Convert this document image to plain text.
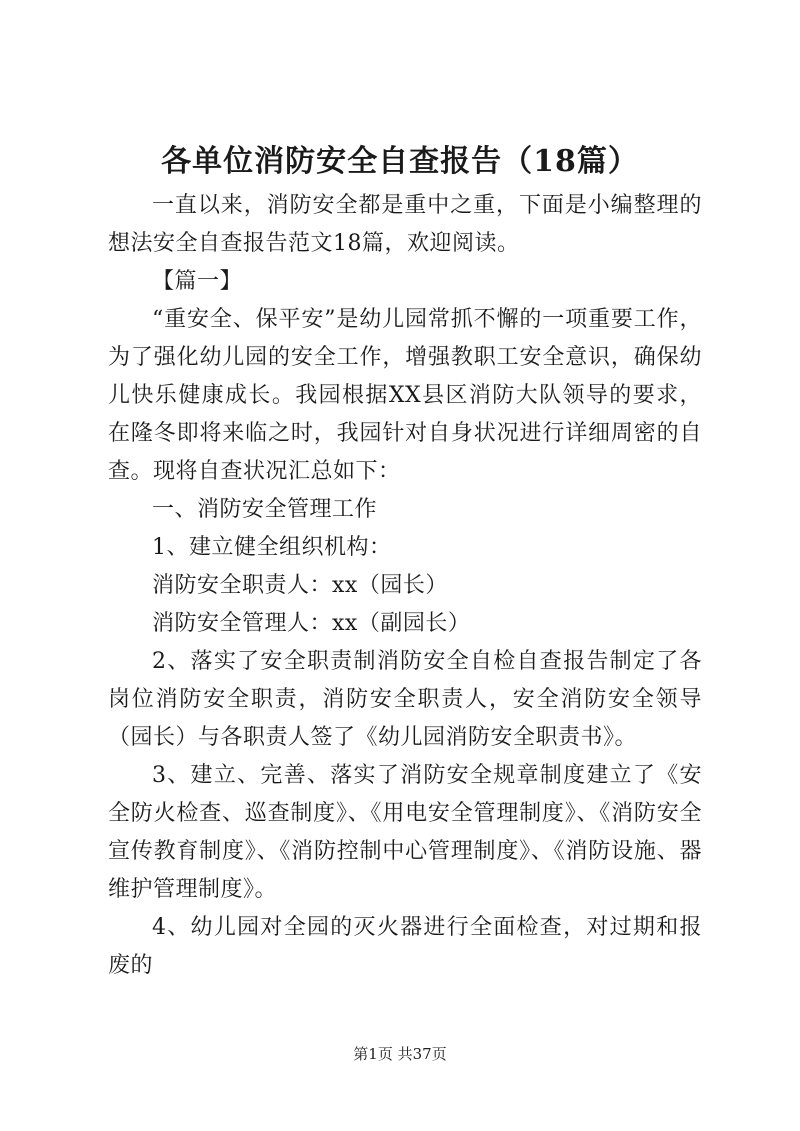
各单位消防安全自查报告（18篇）

一直以来，消防安全都是重中之重，下面是小编整理的想法安全自查报告范文18篇，欢迎阅读。

【篇一】

“重安全、保平安”是幼儿园常抓不懈的一项重要工作，为了强化幼儿园的安全工作，增强教职工安全意识，确保幼儿快乐健康成长。我园根据XX县区消防大队领导的要求，在隆冬即将来临之时，我园针对自身状况进行详细周密的自查。现将自查状况汇总如下：

一、消防安全管理工作

1、建立健全组织机构：

消防安全职责人：xx（园长）

消防安全管理人：xx（副园长）

2、落实了安全职责制消防安全自检自查报告制定了各岗位消防安全职责，消防安全职责人，安全消防安全领导（园长）与各职责人签了《幼儿园消防安全职责书》。

3、建立、完善、落实了消防安全规章制度建立了《安全防火检查、巡查制度》、《用电安全管理制度》、《消防安全宣传教育制度》、《消防控制中心管理制度》、《消防设施、器维护管理制度》。

4、幼儿园对全园的灭火器进行全面检查，对过期和报废的

第1页 共37页
